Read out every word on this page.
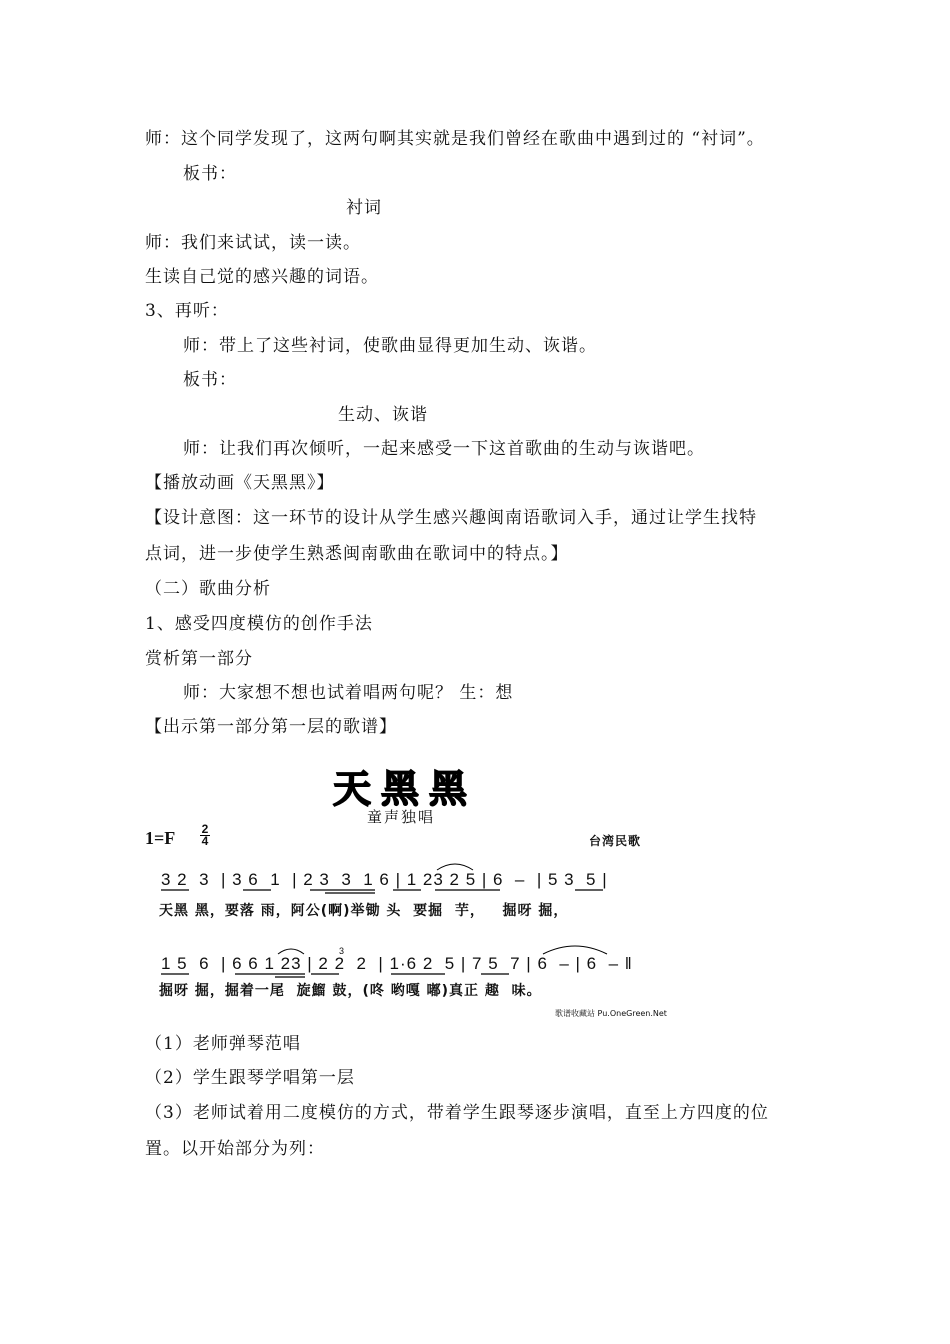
师：这个同学发现了，这两句啊其实就是我们曾经在歌曲中遇到过的 “衬词”。
板书：
衬词
师：我们来试试，读一读。
生读自己觉的感兴趣的词语。
3、再听：
师：带上了这些衬词，使歌曲显得更加生动、诙谐。
板书：
生动、诙谐
师：让我们再次倾听，一起来感受一下这首歌曲的生动与诙谐吧。
【播放动画《天黑黑》】
【设计意图：这一环节的设计从学生感兴趣闽南语歌词入手，通过让学生找特
点词，进一步使学生熟悉闽南歌曲在歌词中的特点。】
（二）歌曲分析
1、感受四度模仿的创作手法
赏析第一部分
师：大家想不想也试着唱两句呢？ 生：想
【出示第一部分第一层的歌谱】
天黑黑
童声独唱
1=F 2
4	台湾民歌
3 2  3  | 3 6  1  | 2 3  3  1 6 | 1 23 2 5 | 6  –  | 5 3  5 |
天黑 黑，要落 雨，阿公(啊)举锄 头  要掘  芋，   掘呀 掘，
1 5  6  | 6 6 1 23 | 2 2  2  | 1·6 2  5 | 7 5  7 | 6  – | 6  – ‖
掘呀 掘，掘着一尾  旋鰡 鼓，(咚 哟嘎 嘟)真正 趣  味。
3
歌谱收藏站 Pu.OneGreen.Net
（1）老师弹琴范唱
（2）学生跟琴学唱第一层
（3）老师试着用二度模仿的方式，带着学生跟琴逐步演唱，直至上方四度的位
置。以开始部分为列：
